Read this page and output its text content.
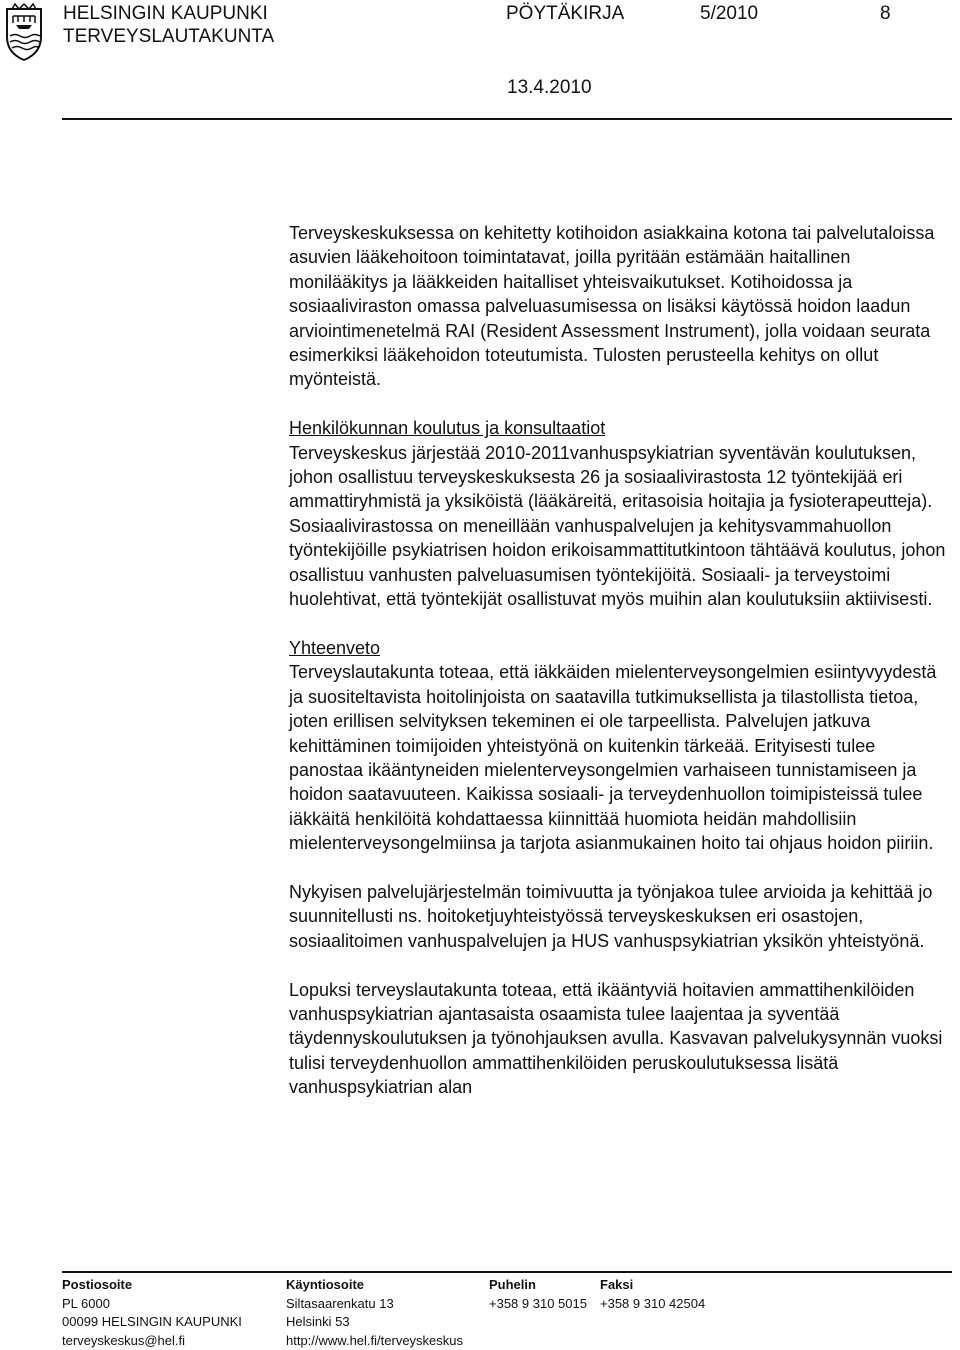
HELSINGIN KAUPUNKI	PÖYTÄKIRJA	5/2010	8
TERVEYSLAUTAKUNTA
13.4.2010

Terveyskeskuksessa on kehitetty kotihoidon asiakkaina kotona tai palvelutaloissa asuvien lääkehoitoon toimintatavat, joilla pyritään estämään haitallinen monilääkitys ja lääkkeiden haitalliset yhteisvaikutukset. Kotihoidossa ja sosiaaliviraston omassa palveluasumisessa on lisäksi käytössä hoidon laadun arviointimenetelmä RAI (Resident Assessment Instrument), jolla voidaan seurata esimerkiksi lääkehoidon toteutumista. Tulosten perusteella kehitys on ollut myönteistä.

Henkilökunnan koulutus ja konsultaatiot
Terveyskeskus järjestää 2010-2011vanhuspsykiatrian syventävän koulutuksen, johon osallistuu terveyskeskuksesta 26 ja sosiaalivirastosta 12 työntekijää eri ammattiryhmistä ja yksiköistä (lääkäreitä, eritasoisia hoitajia ja fysioterapeutteja). Sosiaalivirastossa on meneillään vanhuspalvelujen ja kehitysvammahuollon työntekijöille psykiatrisen hoidon erikoisammattitutkintoon tähtäävä koulutus, johon osallistuu vanhusten palveluasumisen työntekijöitä. Sosiaali- ja terveystoimi huolehtivat, että työntekijät osallistuvat myös muihin alan koulutuksiin aktiivisesti.

Yhteenveto
Terveyslautakunta toteaa, että iäkkäiden mielenterveysongelmien esiintyvyydestä ja suositeltavista hoitolinjoista on saatavilla tutkimuksellista ja tilastollista tietoa, joten erillisen selvityksen tekeminen ei ole tarpeellista. Palvelujen jatkuva kehittäminen toimijoiden yhteistyönä on kuitenkin tärkeää. Erityisesti tulee panostaa ikääntyneiden mielenterveysongelmien varhaiseen tunnistamiseen ja hoidon saatavuuteen. Kaikissa sosiaali- ja terveydenhuollon toimipisteissä tulee iäkkäitä henkilöitä kohdattaessa kiinnittää huomiota heidän mahdollisiin mielenterveysongelmiinsa ja tarjota asianmukainen hoito tai ohjaus hoidon piiriin.

Nykyisen palvelujärjestelmän toimivuutta ja työnjakoa tulee arvioida ja kehittää jo suunnitellusti ns. hoitoketjuyhteistyössä terveyskeskuksen eri osastojen, sosiaalitoimen vanhuspalvelujen ja HUS vanhuspsykiatrian yksikön yhteistyönä.

Lopuksi terveyslautakunta toteaa, että ikääntyviä hoitavien ammattihenkilöiden vanhuspsykiatrian ajantasaista osaamista tulee laajentaa ja syventää täydennyskoulutuksen ja työnohjauksen avulla. Kasvavan palvelukysynnän vuoksi tulisi terveydenhuollon ammattihenkilöiden peruskoulutuksessa lisätä vanhuspsykiatrian alan

Postiosoite
PL 6000
00099 HELSINGIN KAUPUNKI
terveyskeskus@hel.fi
Käyntiosoite
Siltasaarenkatu 13
Helsinki 53
http://www.hel.fi/terveyskeskus
Puhelin
+358 9 310 5015
Faksi
+358 9 310 42504
